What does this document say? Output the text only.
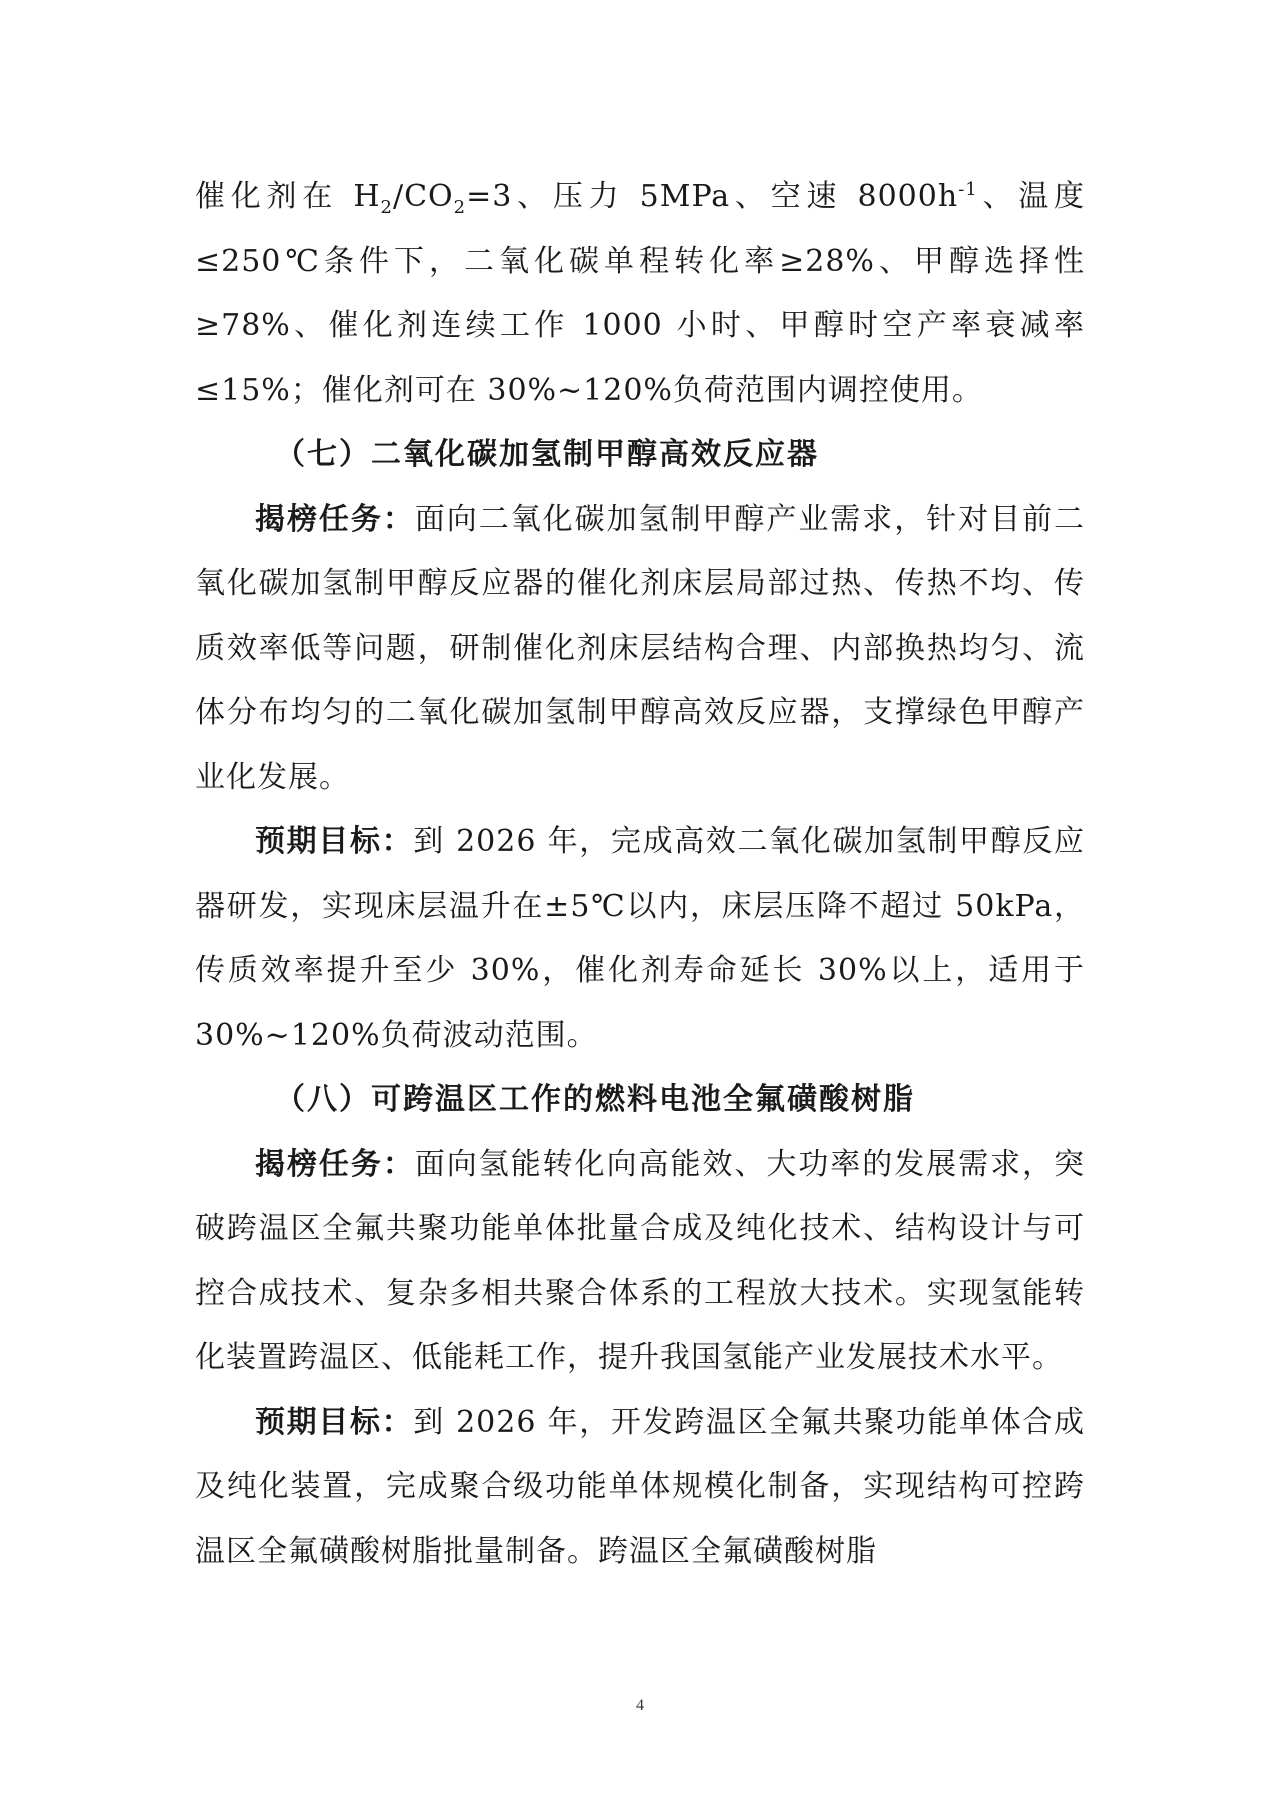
催化剂在 $H_2/CO_2=3$、压力 5MPa、空速 $8000h^{-1}$、温度≤250℃条件下，二氧化碳单程转化率≥28%、甲醇选择性≥78%、催化剂连续工作 1000 小时、甲醇时空产率衰减率≤15%；催化剂可在 30%~120%负荷范围内调控使用。

（七）二氧化碳加氢制甲醇高效反应器

揭榜任务：面向二氧化碳加氢制甲醇产业需求，针对目前二氧化碳加氢制甲醇反应器的催化剂床层局部过热、传热不均、传质效率低等问题，研制催化剂床层结构合理、内部换热均匀、流体分布均匀的二氧化碳加氢制甲醇高效反应器，支撑绿色甲醇产业化发展。

预期目标：到 2026 年，完成高效二氧化碳加氢制甲醇反应器研发，实现床层温升在±5℃以内，床层压降不超过 50kPa，传质效率提升至少 30%，催化剂寿命延长 30%以上，适用于 30%~120%负荷波动范围。

（八）可跨温区工作的燃料电池全氟磺酸树脂

揭榜任务：面向氢能转化向高能效、大功率的发展需求，突破跨温区全氟共聚功能单体批量合成及纯化技术、结构设计与可控合成技术、复杂多相共聚合体系的工程放大技术。实现氢能转化装置跨温区、低能耗工作，提升我国氢能产业发展技术水平。

预期目标：到 2026 年，开发跨温区全氟共聚功能单体合成及纯化装置，完成聚合级功能单体规模化制备，实现结构可控跨温区全氟磺酸树脂批量制备。跨温区全氟磺酸树脂

4
